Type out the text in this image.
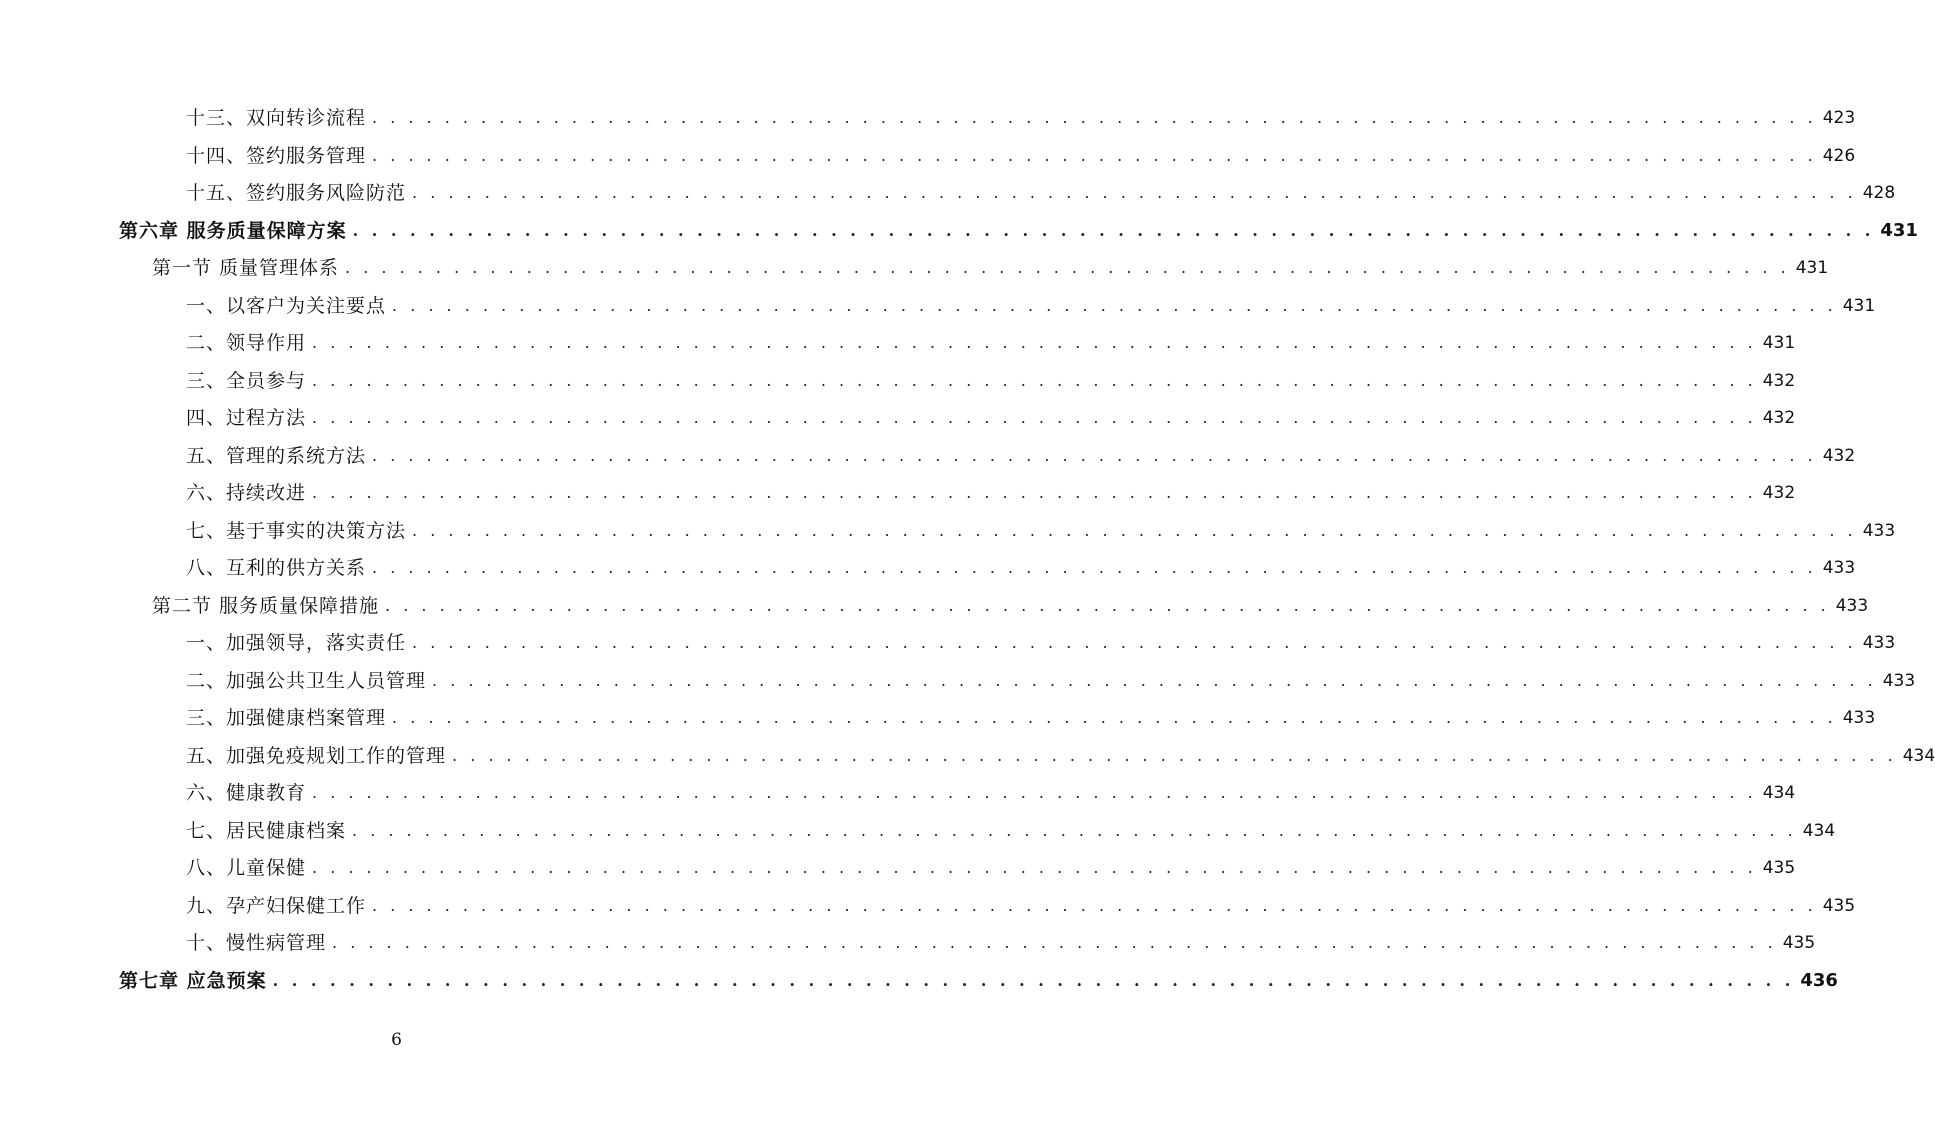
十三、双向转诊流程 . . . . . . . . . . . . . . . . . . . . . . . . . . . . . . . . . . . . . . . . . . . . . . . . . . . . . . . . . . . . . . . . . . . . . . . . . . . . . . . . 423
十四、签约服务管理 . . . . . . . . . . . . . . . . . . . . . . . . . . . . . . . . . . . . . . . . . . . . . . . . . . . . . . . . . . . . . . . . . . . . . . . . . . . . . . . . 426
十五、签约服务风险防范 . . . . . . . . . . . . . . . . . . . . . . . . . . . . . . . . . . . . . . . . . . . . . . . . . . . . . . . . . . . . . . . . . . . . . . . . . . . . . . . . 428
第六章 服务质量保障方案 . . . . . . . . . . . . . . . . . . . . . . . . . . . . . . . . . . . . . . . . . . . . . . . . . . . . . . . . . . . . . . . . . . . . . . . . . . . . . . . . 431
第一节 质量管理体系 . . . . . . . . . . . . . . . . . . . . . . . . . . . . . . . . . . . . . . . . . . . . . . . . . . . . . . . . . . . . . . . . . . . . . . . . . . . . . . . . 431
一、以客户为关注要点 . . . . . . . . . . . . . . . . . . . . . . . . . . . . . . . . . . . . . . . . . . . . . . . . . . . . . . . . . . . . . . . . . . . . . . . . . . . . . . . . 431
二、领导作用 . . . . . . . . . . . . . . . . . . . . . . . . . . . . . . . . . . . . . . . . . . . . . . . . . . . . . . . . . . . . . . . . . . . . . . . . . . . . . . . . 431
三、全员参与 . . . . . . . . . . . . . . . . . . . . . . . . . . . . . . . . . . . . . . . . . . . . . . . . . . . . . . . . . . . . . . . . . . . . . . . . . . . . . . . . 432
四、过程方法 . . . . . . . . . . . . . . . . . . . . . . . . . . . . . . . . . . . . . . . . . . . . . . . . . . . . . . . . . . . . . . . . . . . . . . . . . . . . . . . . 432
五、管理的系统方法 . . . . . . . . . . . . . . . . . . . . . . . . . . . . . . . . . . . . . . . . . . . . . . . . . . . . . . . . . . . . . . . . . . . . . . . . . . . . . . . . 432
六、持续改进 . . . . . . . . . . . . . . . . . . . . . . . . . . . . . . . . . . . . . . . . . . . . . . . . . . . . . . . . . . . . . . . . . . . . . . . . . . . . . . . . 432
七、基于事实的决策方法 . . . . . . . . . . . . . . . . . . . . . . . . . . . . . . . . . . . . . . . . . . . . . . . . . . . . . . . . . . . . . . . . . . . . . . . . . . . . . . . . 433
八、互利的供方关系 . . . . . . . . . . . . . . . . . . . . . . . . . . . . . . . . . . . . . . . . . . . . . . . . . . . . . . . . . . . . . . . . . . . . . . . . . . . . . . . . 433
第二节 服务质量保障措施 . . . . . . . . . . . . . . . . . . . . . . . . . . . . . . . . . . . . . . . . . . . . . . . . . . . . . . . . . . . . . . . . . . . . . . . . . . . . . . . . 433
一、加强领导，落实责任 . . . . . . . . . . . . . . . . . . . . . . . . . . . . . . . . . . . . . . . . . . . . . . . . . . . . . . . . . . . . . . . . . . . . . . . . . . . . . . . . 433
二、加强公共卫生人员管理 . . . . . . . . . . . . . . . . . . . . . . . . . . . . . . . . . . . . . . . . . . . . . . . . . . . . . . . . . . . . . . . . . . . . . . . . . . . . . . . . 433
三、加强健康档案管理 . . . . . . . . . . . . . . . . . . . . . . . . . . . . . . . . . . . . . . . . . . . . . . . . . . . . . . . . . . . . . . . . . . . . . . . . . . . . . . . . 433
五、加强免疫规划工作的管理 . . . . . . . . . . . . . . . . . . . . . . . . . . . . . . . . . . . . . . . . . . . . . . . . . . . . . . . . . . . . . . . . . . . . . . . . . . . . . . . . 434
六、健康教育 . . . . . . . . . . . . . . . . . . . . . . . . . . . . . . . . . . . . . . . . . . . . . . . . . . . . . . . . . . . . . . . . . . . . . . . . . . . . . . . . 434
七、居民健康档案 . . . . . . . . . . . . . . . . . . . . . . . . . . . . . . . . . . . . . . . . . . . . . . . . . . . . . . . . . . . . . . . . . . . . . . . . . . . . . . . . 434
八、儿童保健 . . . . . . . . . . . . . . . . . . . . . . . . . . . . . . . . . . . . . . . . . . . . . . . . . . . . . . . . . . . . . . . . . . . . . . . . . . . . . . . . 435
九、孕产妇保健工作 . . . . . . . . . . . . . . . . . . . . . . . . . . . . . . . . . . . . . . . . . . . . . . . . . . . . . . . . . . . . . . . . . . . . . . . . . . . . . . . . 435
十、慢性病管理 . . . . . . . . . . . . . . . . . . . . . . . . . . . . . . . . . . . . . . . . . . . . . . . . . . . . . . . . . . . . . . . . . . . . . . . . . . . . . . . . 435
第七章 应急预案 . . . . . . . . . . . . . . . . . . . . . . . . . . . . . . . . . . . . . . . . . . . . . . . . . . . . . . . . . . . . . . . . . . . . . . . . . . . . . . . . 436
6
